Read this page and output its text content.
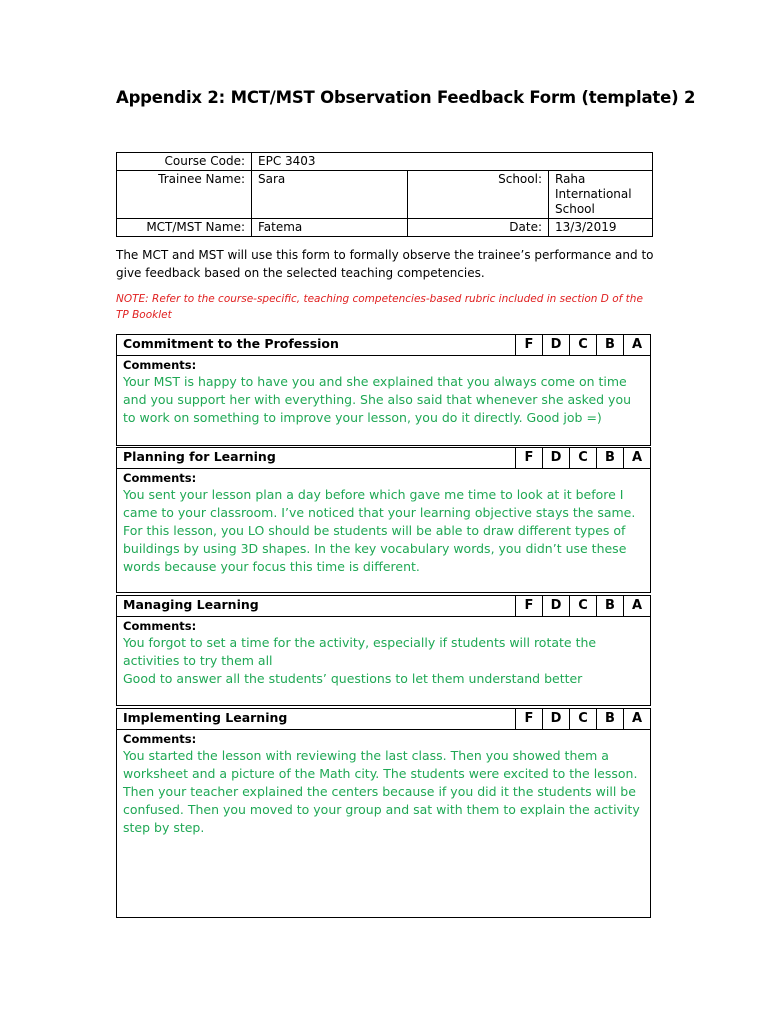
Appendix 2: MCT/MST Observation Feedback Form (template) 2
Course Code:	EPC 3403		
Trainee Name:	Sara	School:	Raha International School
MCT/MST Name:	Fatema	Date:	13/3/2019
The MCT and MST will use this form to formally observe the trainee’s performance and to give feedback based on the selected teaching competencies.
NOTE: Refer to the course-specific, teaching competencies-based rubric included in section D of the TP Booklet
Commitment to the Profession	F	D	C	B	A
Comments:
Your MST is happy to have you and she explained that you always come on time
and you support her with everything. She also said that whenever she asked you
to work on something to improve your lesson, you do it directly. Good job =)
Planning for Learning	F	D	C	B	A
Comments:
You sent your lesson plan a day before which gave me time to look at it before I
came to your classroom. I’ve noticed that your learning objective stays the same.
For this lesson, you LO should be students will be able to draw different types of
buildings by using 3D shapes. In the key vocabulary words, you didn’t use these
words because your focus this time is different.
Managing Learning	F	D	C	B	A
Comments:
You forgot to set a time for the activity, especially if students will rotate the
activities to try them all
Good to answer all the students’ questions to let them understand better
Implementing Learning	F	D	C	B	A
Comments:
You started the lesson with reviewing the last class. Then you showed them a
worksheet and a picture of the Math city. The students were excited to the lesson.
Then your teacher explained the centers because if you did it the students will be
confused. Then you moved to your group and sat with them to explain the activity
step by step.
